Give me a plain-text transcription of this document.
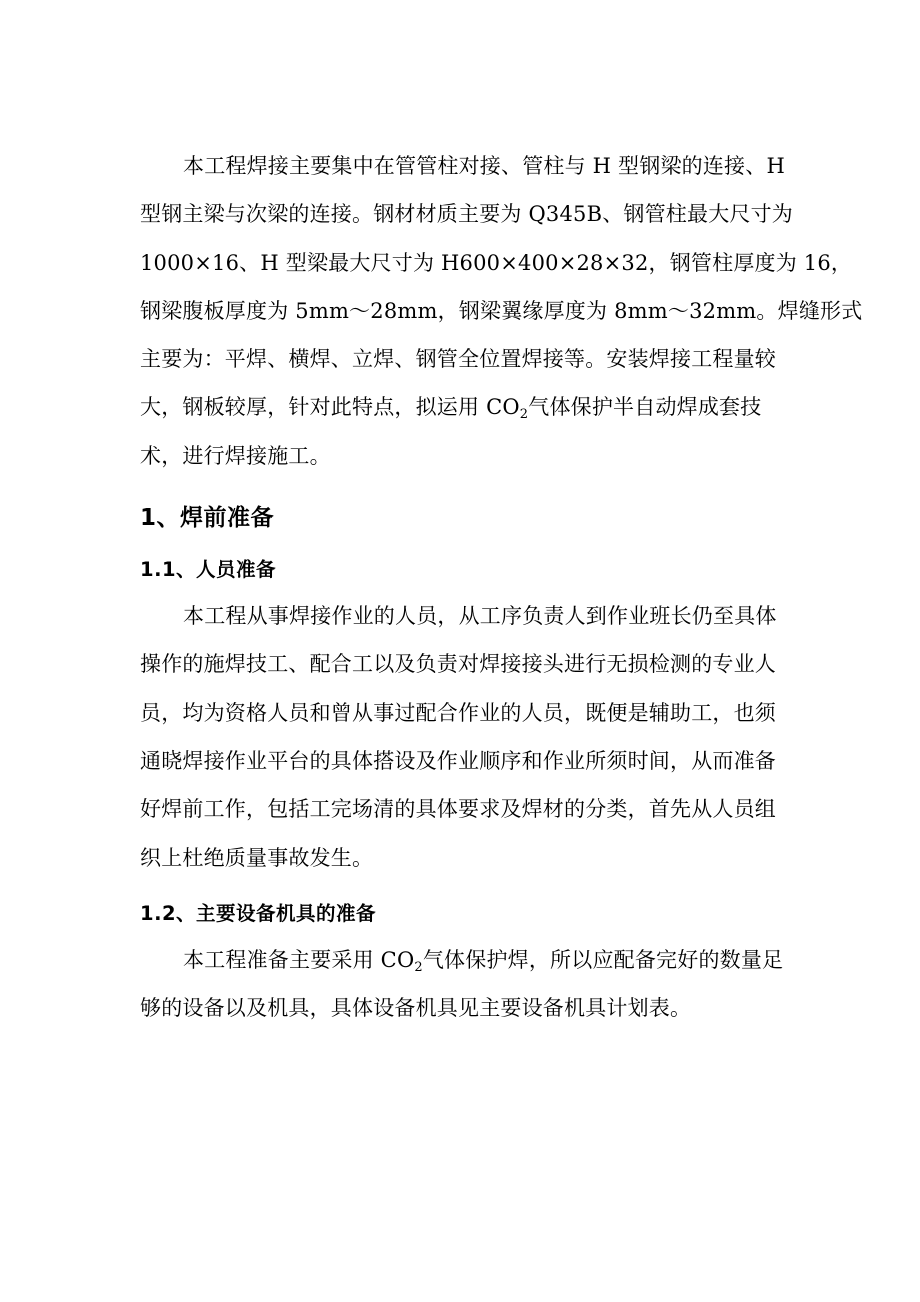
本工程焊接主要集中在管管柱对接、管柱与 H 型钢梁的连接、H
型钢主梁与次梁的连接。钢材材质主要为 Q345B、钢管柱最大尺寸为
1000×16、H 型梁最大尺寸为 H600×400×28×32，钢管柱厚度为 16，
钢梁腹板厚度为 5mm～28mm，钢梁翼缘厚度为 8mm～32mm。焊缝形式
主要为：平焊、横焊、立焊、钢管全位置焊接等。安装焊接工程量较
大，钢板较厚，针对此特点，拟运用 $CO_2$气体保护半自动焊成套技
术，进行焊接施工。

1、焊前准备
1.1、人员准备

本工程从事焊接作业的人员，从工序负责人到作业班长仍至具体
操作的施焊技工、配合工以及负责对焊接接头进行无损检测的专业人
员，均为资格人员和曾从事过配合作业的人员，既便是辅助工，也须
通晓焊接作业平台的具体搭设及作业顺序和作业所须时间，从而准备
好焊前工作，包括工完场清的具体要求及焊材的分类，首先从人员组
织上杜绝质量事故发生。

1.2、主要设备机具的准备

本工程准备主要采用 $CO_2$气体保护焊，所以应配备完好的数量足
够的设备以及机具，具体设备机具见主要设备机具计划表。
